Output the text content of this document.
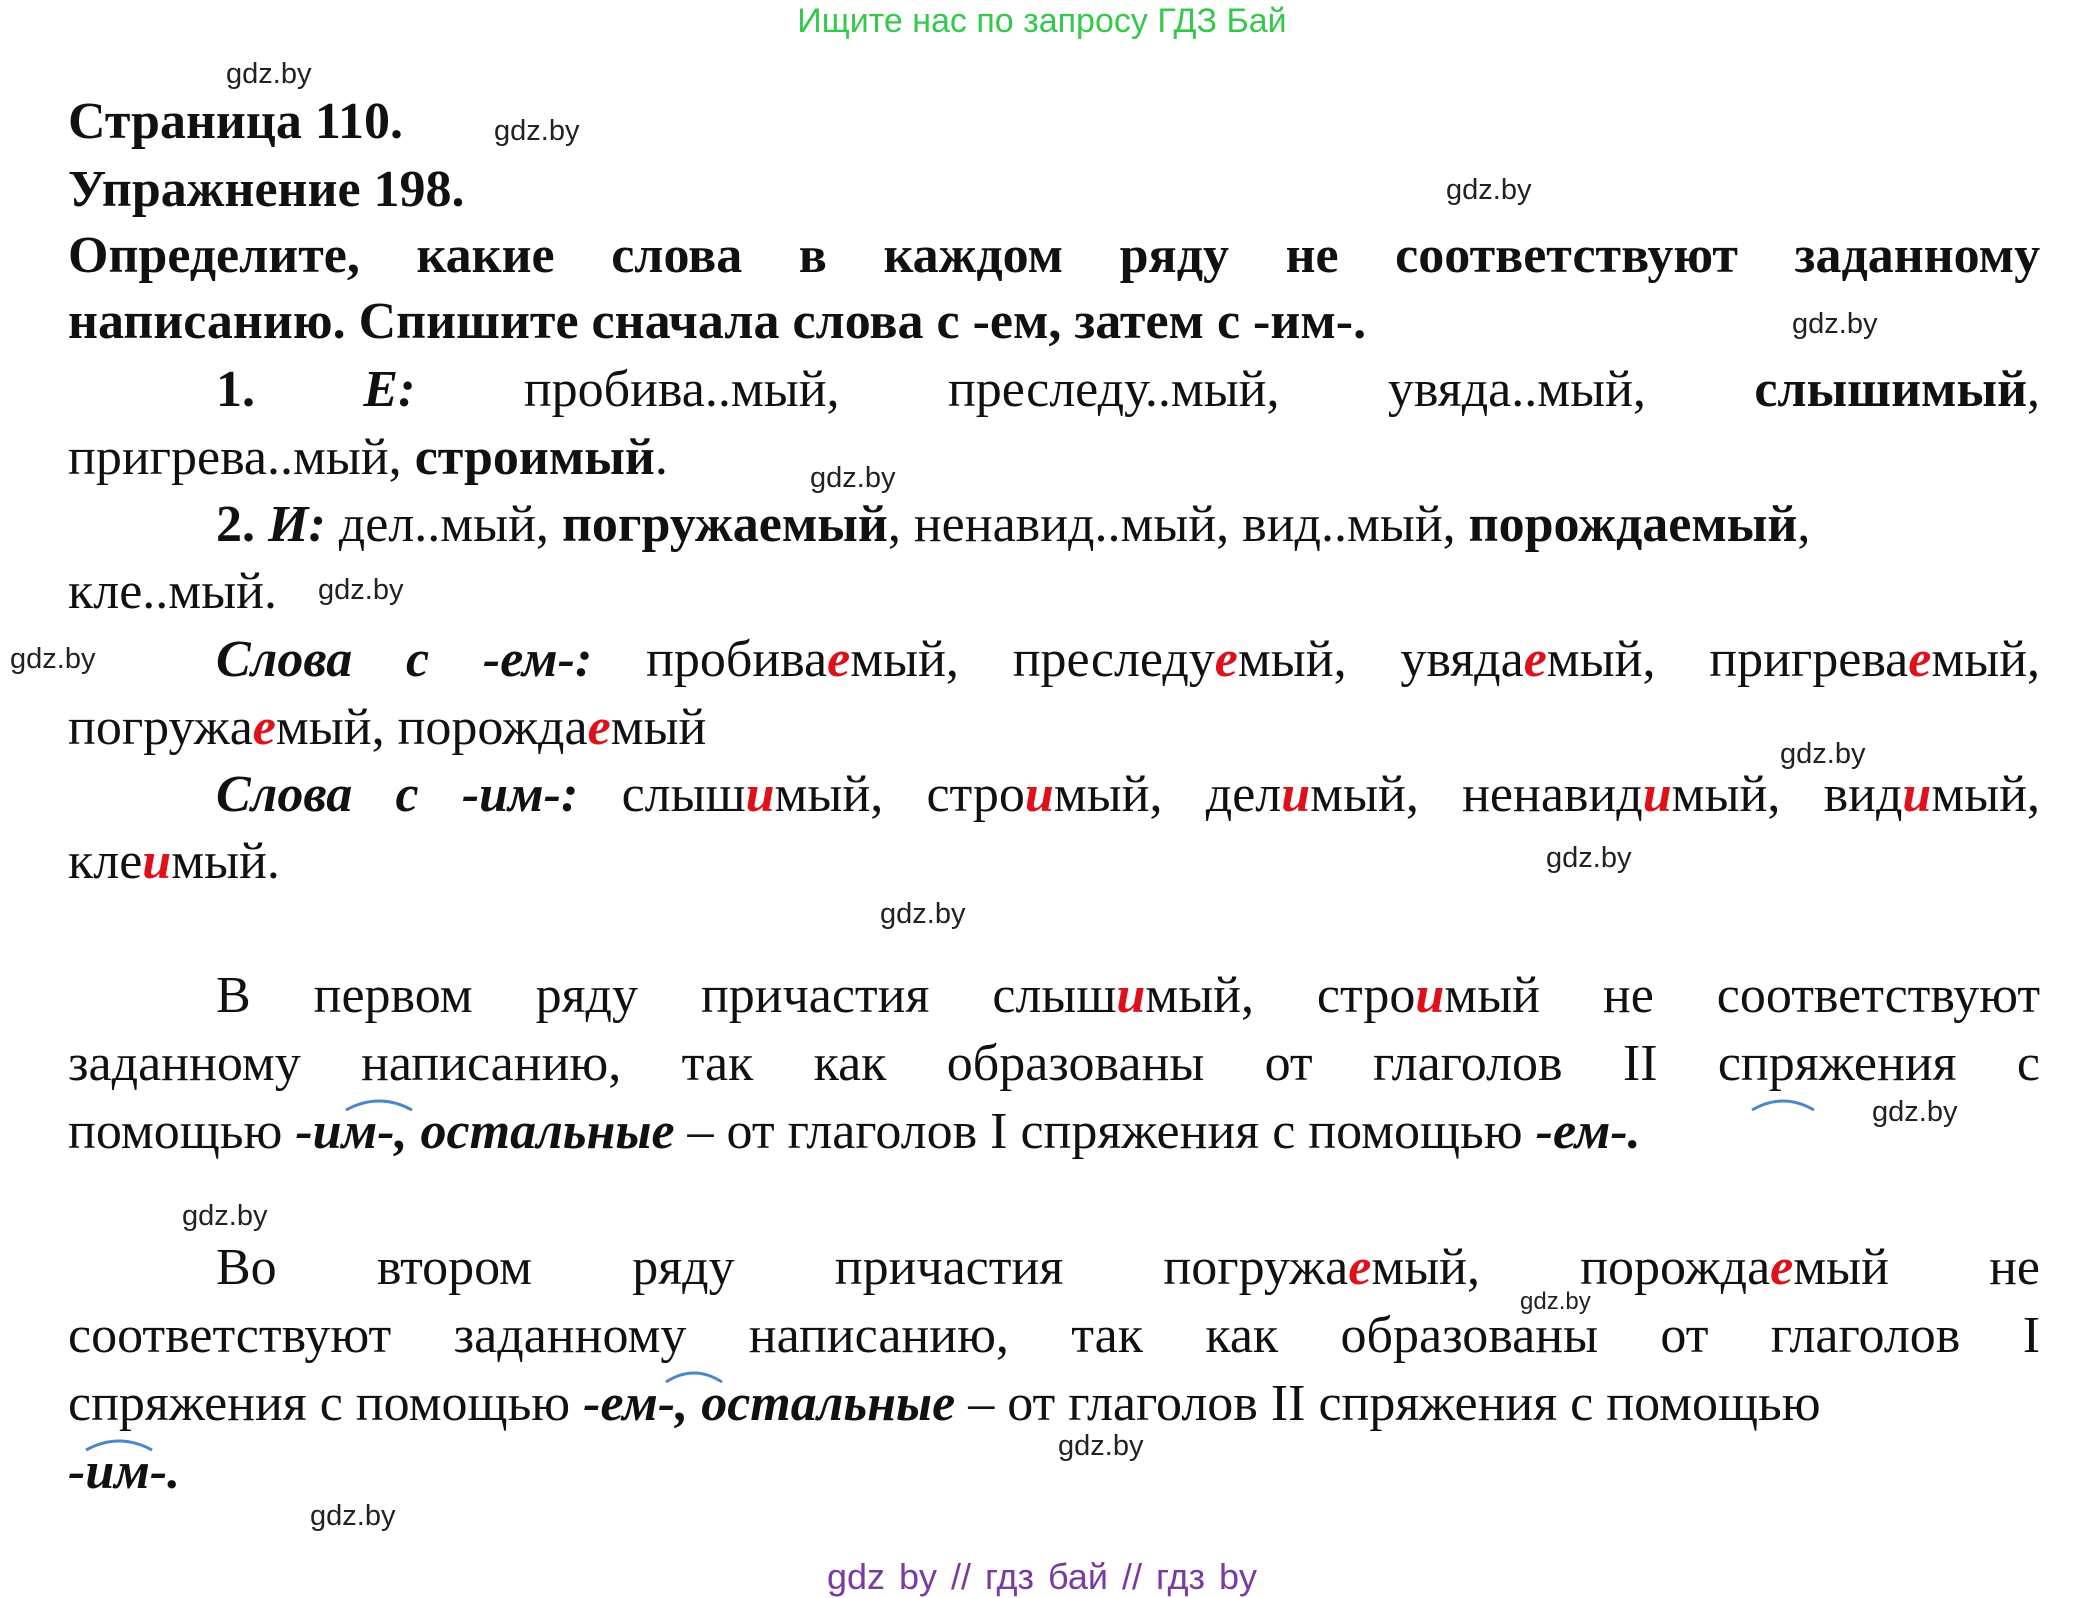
Ищите нас по запросу ГДЗ Бай
gdz.by
gdz.by
gdz.by
gdz.by
gdz.by
gdz.by
gdz.by
gdz.by
gdz.by
gdz.by
gdz.by
gdz.by
gdz.by
gdz.by
gdz.by
Страница 110.
Упражнение 198.
Определите, какие слова в каждом ряду не соответствуют заданному
написанию. Спишите сначала слова с -ем, затем с -им-.
1. Е: пробива..мый, преследу..мый, увяда..мый, слышимый,
пригрева..мый, строимый.
2. И: дел..мый, погружаемый, ненавид..мый, вид..мый, порождаемый,
кле..мый.
Слова с -ем-: пробиваемый, преследуемый, увядаемый, пригреваемый,
погружаемый, порождаемый
Слова с -им-: слышимый, строимый, делимый, ненавидимый, видимый,
клеимый.
В первом ряду причастия слышимый, строимый не соответствуют
заданному написанию, так как образованы от глаголов II спряжения с
помощью -им-, остальные – от глаголов I спряжения с помощью -ем-.
Во втором ряду причастия погружаемый, порождаемый не
соответствуют заданному написанию, так как образованы от глаголов I
спряжения с помощью -ем-, остальные – от глаголов II спряжения с помощью
-им-.
gdz by // гдз бай // гдз by
